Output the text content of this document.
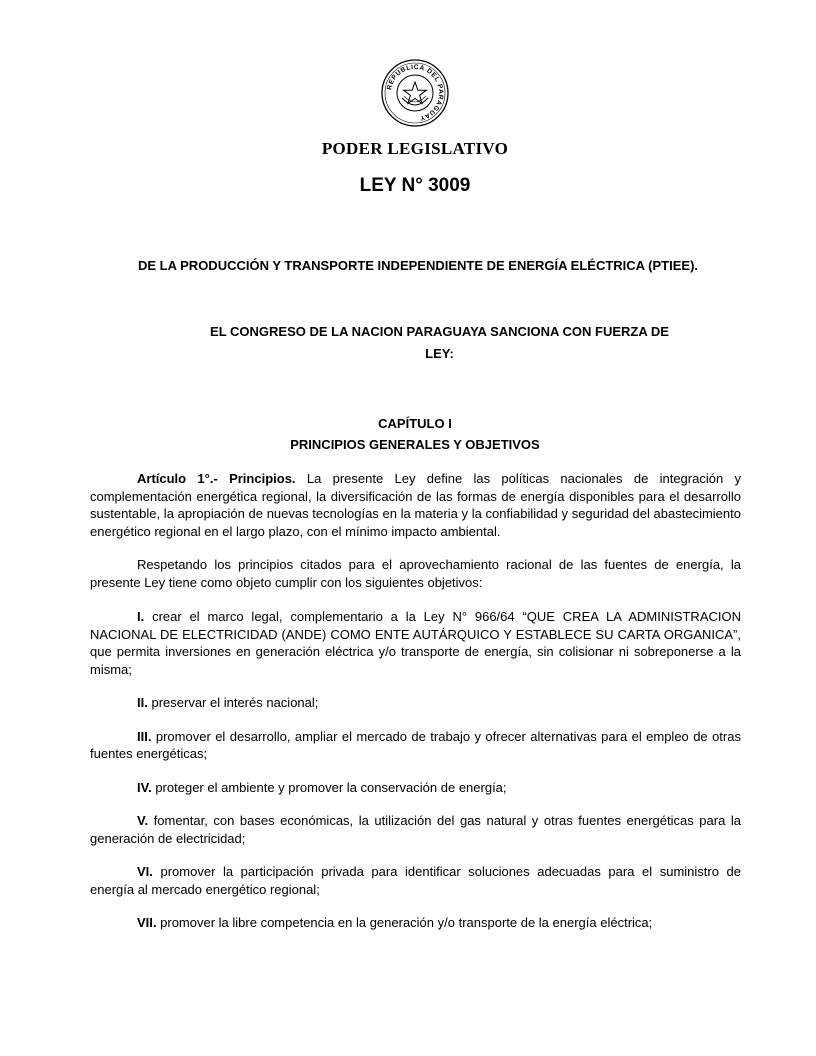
REPUBLICA DEL PARAGUAY
PODER LEGISLATIVO
LEY N° 3009
DE LA PRODUCCIÓN Y TRANSPORTE INDEPENDIENTE DE ENERGÍA ELÉCTRICA (PTIEE).
EL CONGRESO DE LA NACION PARAGUAYA SANCIONA CON FUERZA DE
LEY:
CAPÍTULO I
PRINCIPIOS GENERALES Y OBJETIVOS

Artículo 1°.- Principios. La presente Ley define las políticas nacionales de integración y complementación energética regional, la diversificación de las formas de energía disponibles para el desarrollo sustentable, la apropiación de nuevas tecnologías en la materia y la confiabilidad y seguridad del abastecimiento energético regional en el largo plazo, con el mínimo impacto ambiental.

Respetando los principios citados para el aprovechamiento racional de las fuentes de energía, la presente Ley tiene como objeto cumplir con los siguientes objetivos:

I. crear el marco legal, complementario a la Ley N° 966/64 “QUE CREA LA ADMINISTRACION NACIONAL DE ELECTRICIDAD (ANDE) COMO ENTE AUTÁRQUICO Y ESTABLECE SU CARTA ORGANICA”, que permita inversiones en generación eléctrica y/o transporte de energía, sin colisionar ni sobreponerse a la misma;

II. preservar el interés nacional;

III. promover el desarrollo, ampliar el mercado de trabajo y ofrecer alternativas para el empleo de otras fuentes energéticas;

IV. proteger el ambiente y promover la conservación de energía;

V. fomentar, con bases económicas, la utilización del gas natural y otras fuentes energéticas para la generación de electricidad;

VI. promover la participación privada para identificar soluciones adecuadas para el suministro de energía al mercado energético regional;

VII. promover la libre competencia en la generación y/o transporte de la energía eléctrica;
